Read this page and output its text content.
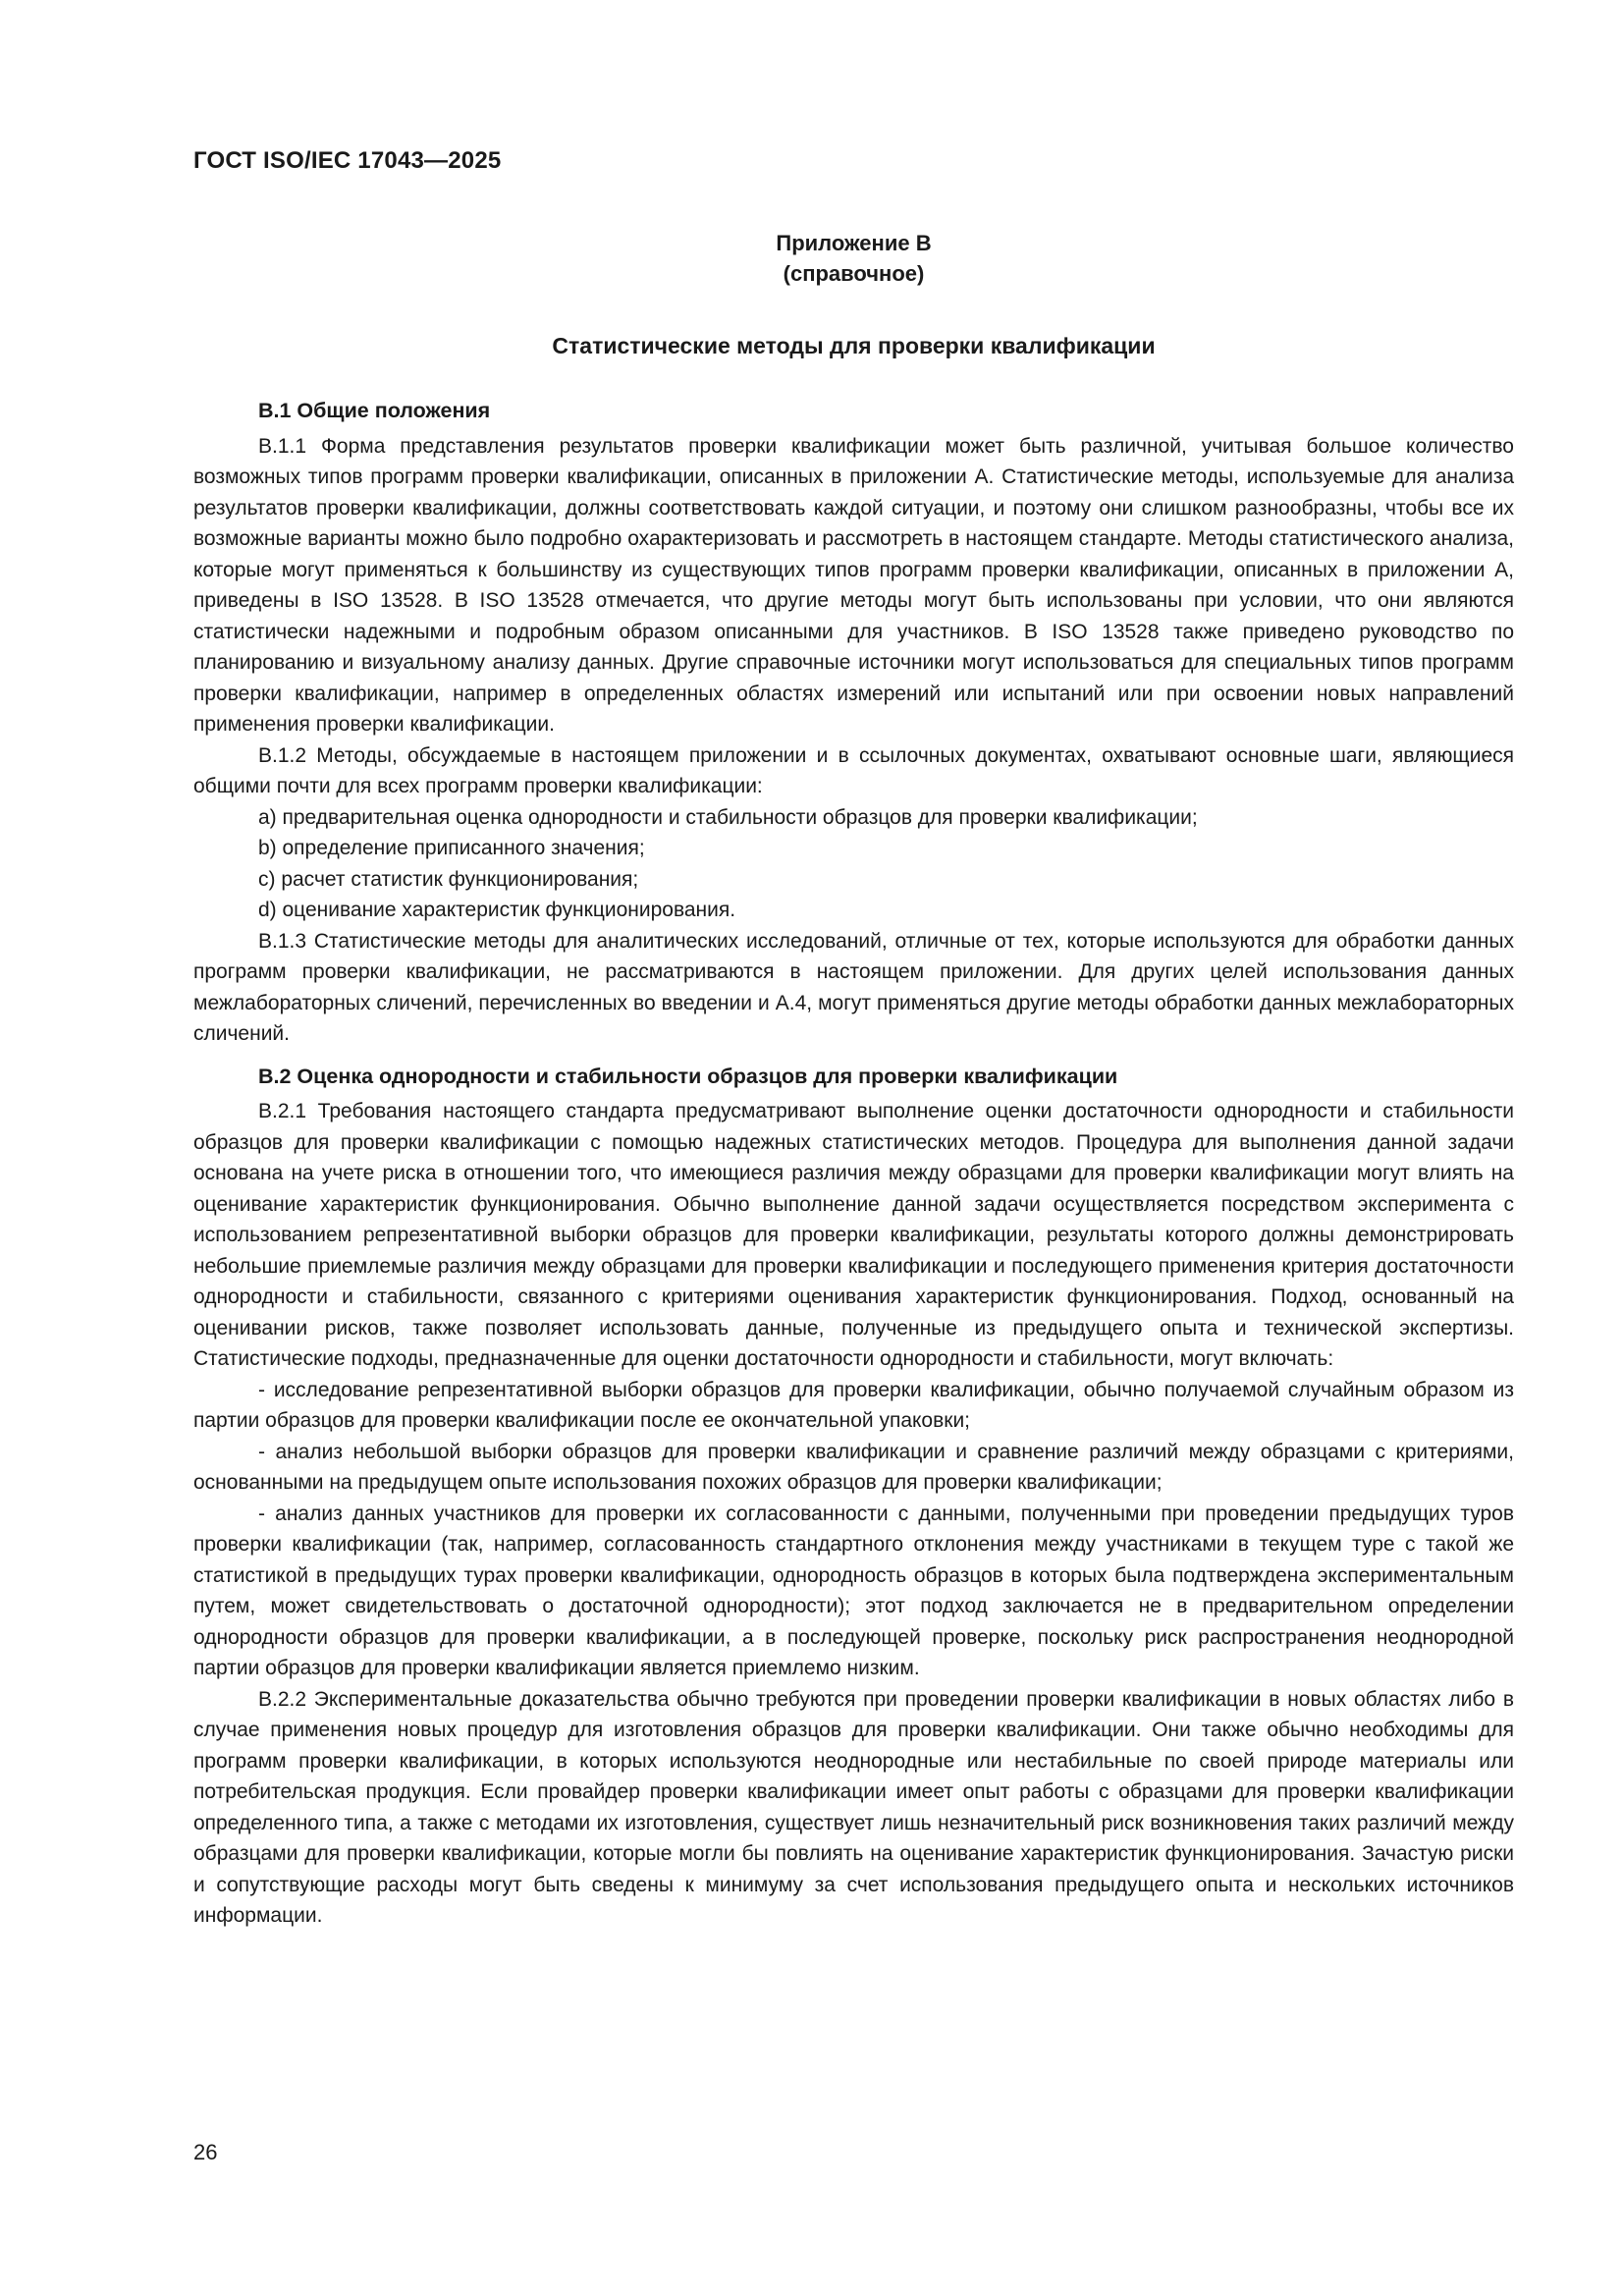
ГОСТ ISO/IEC 17043—2025

Приложение В

(справочное)

Статистические методы для проверки квалификации

В.1 Общие положения

В.1.1 Форма представления результатов проверки квалификации может быть различной, учитывая большое количество возможных типов программ проверки квалификации, описанных в приложении А. Статистические методы, используемые для анализа результатов проверки квалификации, должны соответствовать каждой ситуации, и поэтому они слишком разнообразны, чтобы все их возможные варианты можно было подробно охарактеризовать и рассмотреть в настоящем стандарте. Методы статистического анализа, которые могут применяться к большинству из существующих типов программ проверки квалификации, описанных в приложении А, приведены в ISO 13528. В ISO 13528 отмечается, что другие методы могут быть использованы при условии, что они являются статистически надежными и подробным образом описанными для участников. В ISO 13528 также приведено руководство по планированию и визуальному анализу данных. Другие справочные источники могут использоваться для специальных типов программ проверки квалификации, например в определенных областях измерений или испытаний или при освоении новых направлений применения проверки квалификации.

В.1.2 Методы, обсуждаемые в настоящем приложении и в ссылочных документах, охватывают основные шаги, являющиеся общими почти для всех программ проверки квалификации:

а) предварительная оценка однородности и стабильности образцов для проверки квалификации;

b) определение приписанного значения;

c) расчет статистик функционирования;

d) оценивание характеристик функционирования.

В.1.3 Статистические методы для аналитических исследований, отличные от тех, которые используются для обработки данных программ проверки квалификации, не рассматриваются в настоящем приложении. Для других целей использования данных межлабораторных сличений, перечисленных во введении и А.4, могут применяться другие методы обработки данных межлабораторных сличений.

В.2 Оценка однородности и стабильности образцов для проверки квалификации

В.2.1 Требования настоящего стандарта предусматривают выполнение оценки достаточности однородности и стабильности образцов для проверки квалификации с помощью надежных статистических методов. Процедура для выполнения данной задачи основана на учете риска в отношении того, что имеющиеся различия между образцами для проверки квалификации могут влиять на оценивание характеристик функционирования. Обычно выполнение данной задачи осуществляется посредством эксперимента с использованием репрезентативной выборки образцов для проверки квалификации, результаты которого должны демонстрировать небольшие приемлемые различия между образцами для проверки квалификации и последующего применения критерия достаточности однородности и стабильности, связанного с критериями оценивания характеристик функционирования. Подход, основанный на оценивании рисков, также позволяет использовать данные, полученные из предыдущего опыта и технической экспертизы. Статистические подходы, предназначенные для оценки достаточности однородности и стабильности, могут включать:

- исследование репрезентативной выборки образцов для проверки квалификации, обычно получаемой случайным образом из партии образцов для проверки квалификации после ее окончательной упаковки;

- анализ небольшой выборки образцов для проверки квалификации и сравнение различий между образцами с критериями, основанными на предыдущем опыте использования похожих образцов для проверки квалификации;

- анализ данных участников для проверки их согласованности с данными, полученными при проведении предыдущих туров проверки квалификации (так, например, согласованность стандартного отклонения между участниками в текущем туре с такой же статистикой в предыдущих турах проверки квалификации, однородность образцов в которых была подтверждена экспериментальным путем, может свидетельствовать о достаточной однородности); этот подход заключается не в предварительном определении однородности образцов для проверки квалификации, а в последующей проверке, поскольку риск распространения неоднородной партии образцов для проверки квалификации является приемлемо низким.

В.2.2 Экспериментальные доказательства обычно требуются при проведении проверки квалификации в новых областях либо в случае применения новых процедур для изготовления образцов для проверки квалификации. Они также обычно необходимы для программ проверки квалификации, в которых используются неоднородные или нестабильные по своей природе материалы или потребительская продукция. Если провайдер проверки квалификации имеет опыт работы с образцами для проверки квалификации определенного типа, а также с методами их изготовления, существует лишь незначительный риск возникновения таких различий между образцами для проверки квалификации, которые могли бы повлиять на оценивание характеристик функционирования. Зачастую риски и сопутствующие расходы могут быть сведены к минимуму за счет использования предыдущего опыта и нескольких источников информации.

26
